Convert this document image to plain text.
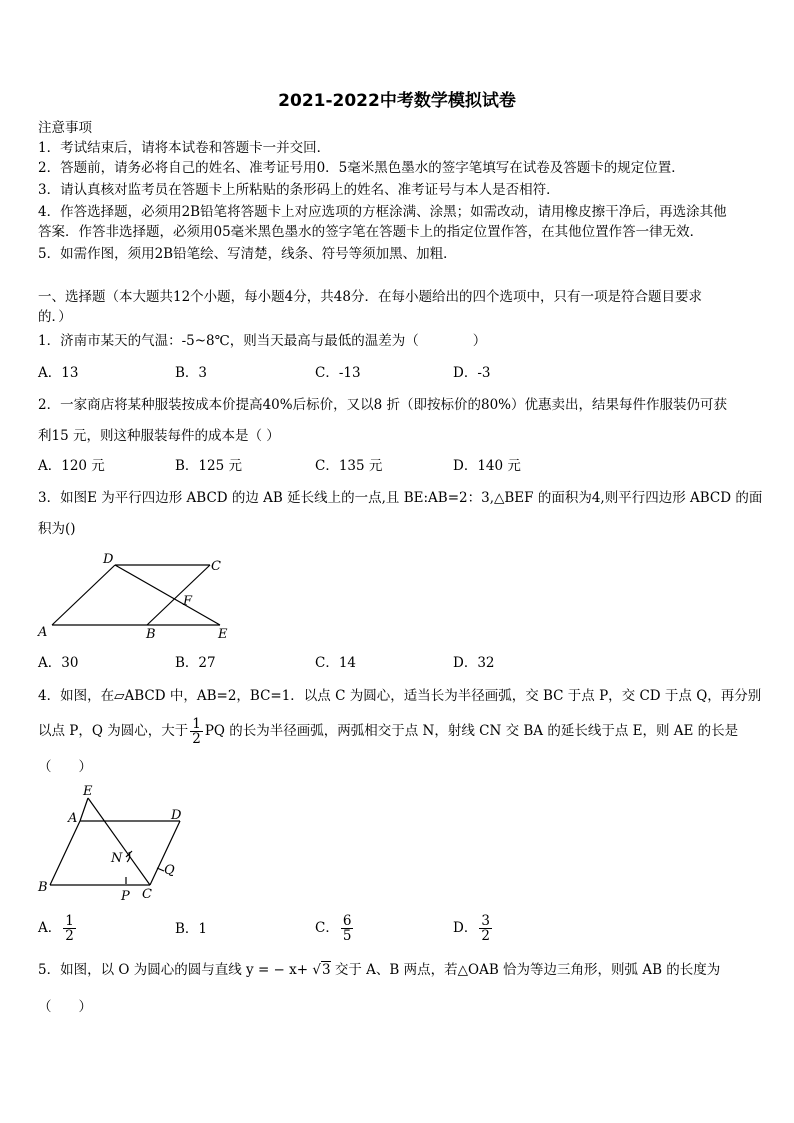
2021-2022中考数学模拟试卷
注意事项
1．考试结束后，请将本试卷和答题卡一并交回．
2．答题前，请务必将自己的姓名、准考证号用0．5毫米黑色墨水的签字笔填写在试卷及答题卡的规定位置．
3．请认真核对监考员在答题卡上所粘贴的条形码上的姓名、准考证号与本人是否相符．
4．作答选择题，必须用2B铅笔将答题卡上对应选项的方框涂满、涂黑；如需改动，请用橡皮擦干净后，再选涂其他
答案．作答非选择题，必须用05毫米黑色墨水的签字笔在答题卡上的指定位置作答，在其他位置作答一律无效．
5．如需作图，须用2B铅笔绘、写清楚，线条、符号等须加黑、加粗．
一、选择题（本大题共12个小题，每小题4分，共48分．在每小题给出的四个选项中，只有一项是符合题目要求
的．）
1．济南市某天的气温：-5~8℃，则当天最高与最低的温差为（　　　　）
A．13	B．3	C．-13	D．-3
2．一家商店将某种服装按成本价提高40%后标价，又以8 折（即按标价的80%）优惠卖出，结果每件作服装仍可获
利15 元，则这种服装每件的成本是（ ）
A．120 元	B．125 元	C．135 元	D．140 元
3．如图E 为平行四边形 ABCD 的边 AB 延长线上的一点,且 BE:AB=2：3,△BEF 的面积为4,则平行四边形 ABCD 的面
积为()
D	C
F
A	B	E
A．30	B．27	C．14	D．32
4．如图，在▱ABCD 中，AB=2，BC=1．以点 C 为圆心，适当长为半径画弧，交 BC 于点 P，交 CD 于点 Q，再分别
以点 P，Q 为圆心，大于 $\frac{1}{2}$ PQ 的长为半径画弧，两弧相交于点 N，射线 CN 交 BA 的延长线于点 E，则 AE 的长是
（　　）
E
A	D
N
Q
B
P C
A． $\frac{1}{2}$	B．1	C． $\frac{6}{5}$	D． $\frac{3}{2}$
5．如图，以 O 为圆心的圆与直线 y = − x+ √3 交于 A、B 两点，若△OAB 恰为等边三角形，则弧 AB 的长度为
（　　）
